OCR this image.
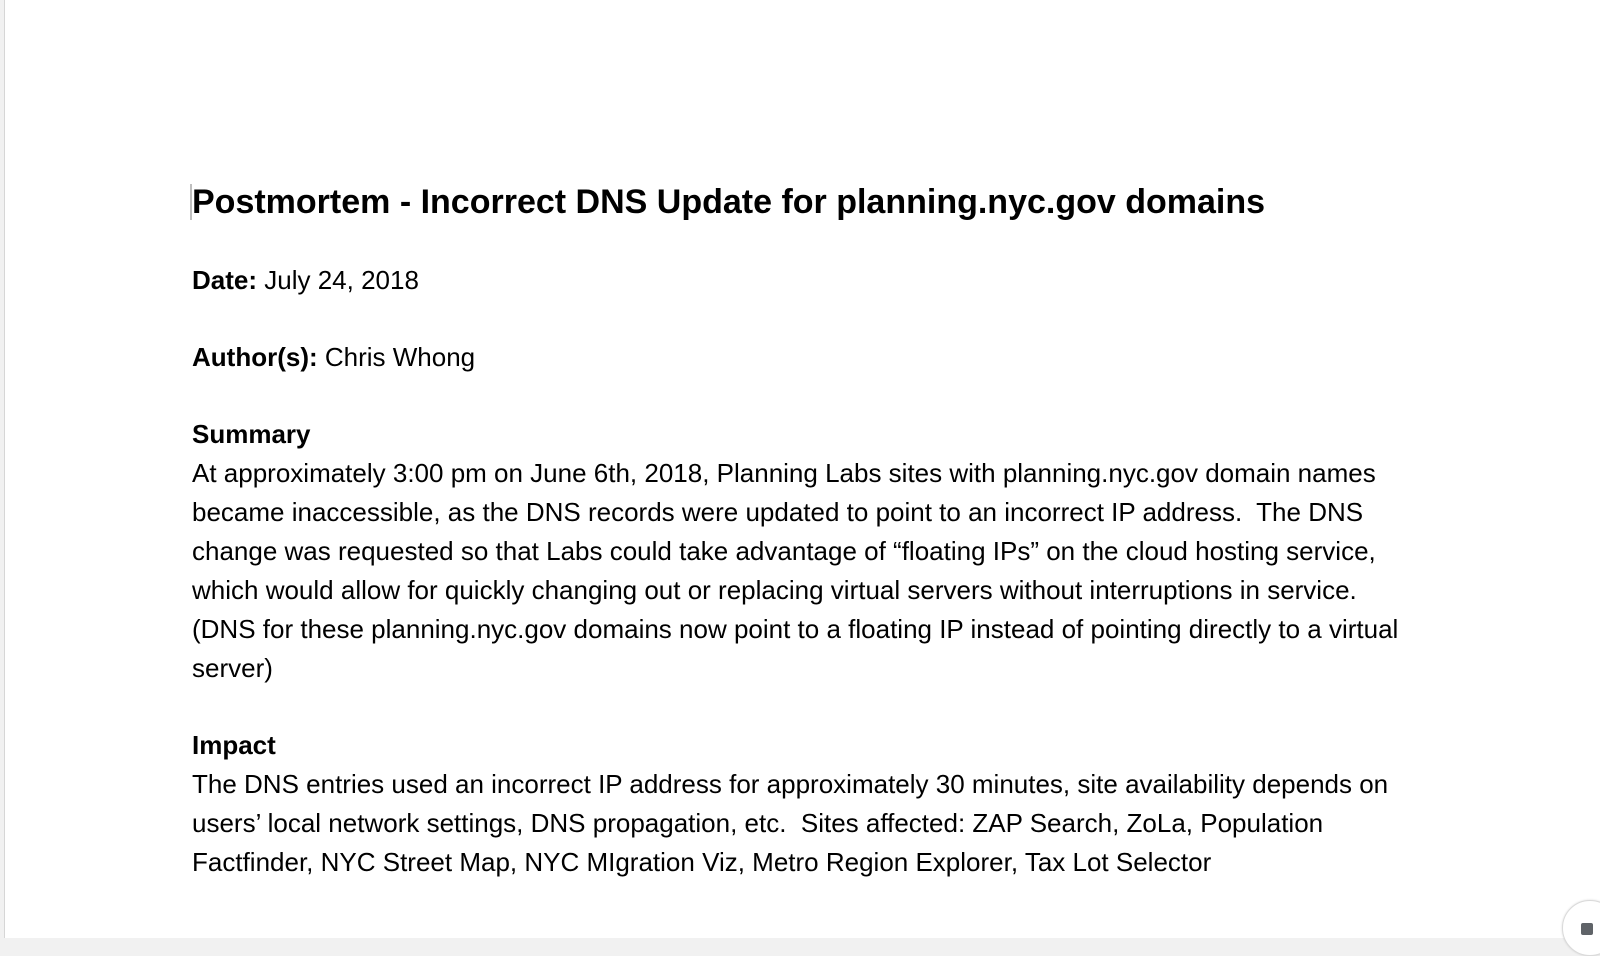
Postmortem - Incorrect DNS Update for planning.nyc.gov domains

Date: July 24, 2018

Author(s): Chris Whong

Summary

At approximately 3:00 pm on June 6th, 2018, Planning Labs sites with planning.nyc.gov domain names became inaccessible, as the DNS records were updated to point to an incorrect IP address.  The DNS change was requested so that Labs could take advantage of “floating IPs” on the cloud hosting service, which would allow for quickly changing out or replacing virtual servers without interruptions in service.  (DNS for these planning.nyc.gov domains now point to a floating IP instead of pointing directly to a virtual server)

Impact

The DNS entries used an incorrect IP address for approximately 30 minutes, site availability depends on users’ local network settings, DNS propagation, etc.  Sites affected: ZAP Search, ZoLa, Population Factfinder, NYC Street Map, NYC MIgration Viz, Metro Region Explorer, Tax Lot Selector
